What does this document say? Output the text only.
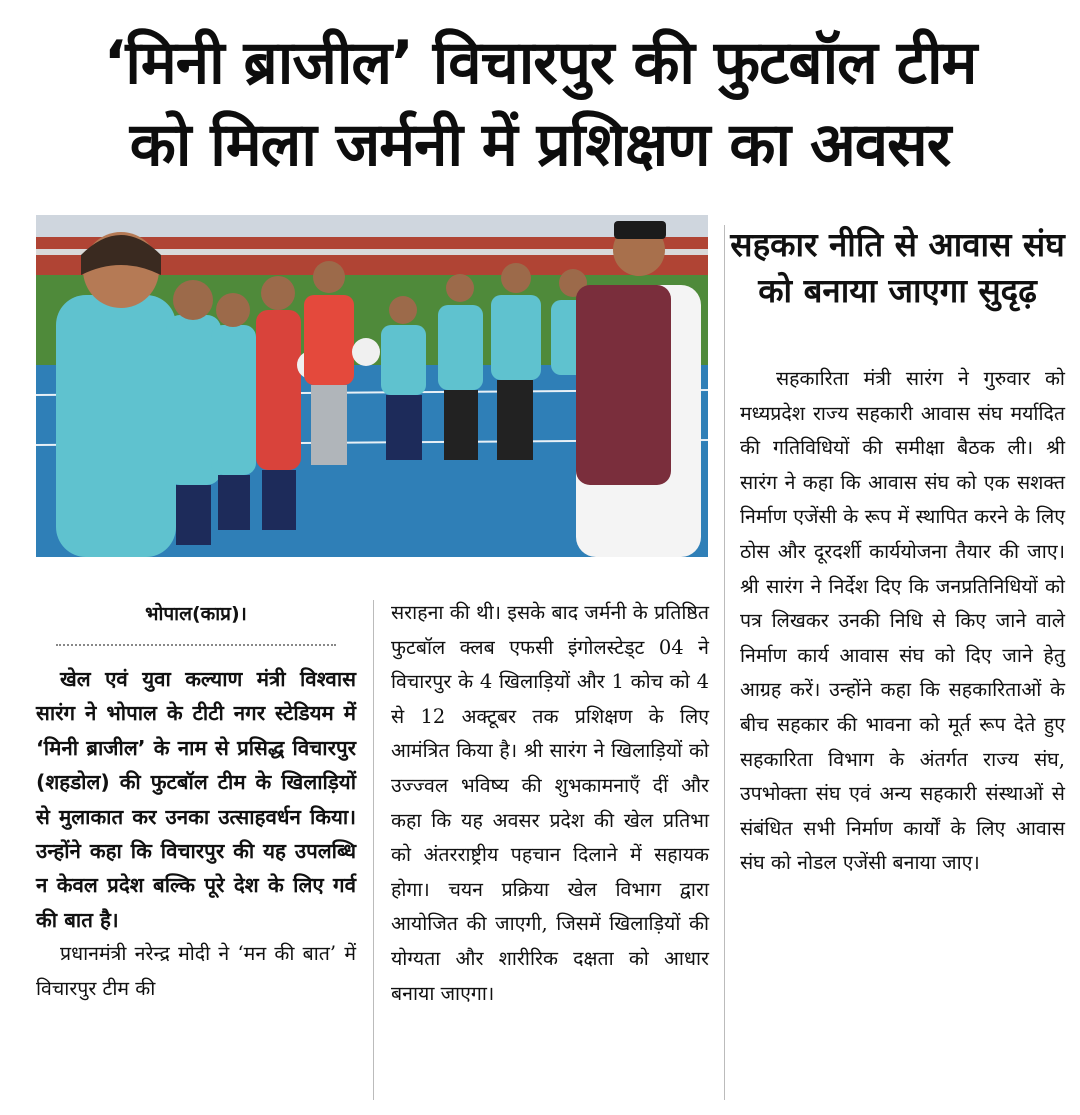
‘मिनी ब्राजील’ विचारपुर की फुटबॉल टीम
को मिला जर्मनी में प्रशिक्षण का अवसर
सहकार नीति से आवास संघ को बनाया जाएगा सुदृढ़

सहकारिता मंत्री सारंग ने गुरुवार को मध्यप्रदेश राज्य सहकारी आवास संघ मर्यादित की गतिविधियों की समीक्षा बैठक ली। श्री सारंग ने कहा कि आवास संघ को एक सशक्त निर्माण एजेंसी के रूप में स्थापित करने के लिए ठोस और दूरदर्शी कार्ययोजना तैयार की जाए। श्री सारंग ने निर्देश दिए कि जनप्रतिनिधियों को पत्र लिखकर उनकी निधि से किए जाने वाले निर्माण कार्य आवास संघ को दिए जाने हेतु आग्रह करें। उन्होंने कहा कि सहकारिताओं के बीच सहकार की भावना को मूर्त रूप देते हुए सहकारिता विभाग के अंतर्गत राज्य संघ, उपभोक्ता संघ एवं अन्य सहकारी संस्थाओं से संबंधित सभी निर्माण कार्यों के लिए आवास संघ को नोडल एजेंसी बनाया जाए।

भोपाल(काप्र)।

खेल एवं युवा कल्याण मंत्री विश्वास सारंग ने भोपाल के टीटी नगर स्टेडियम में ‘मिनी ब्राजील’ के नाम से प्रसिद्ध विचारपुर (शहडोल) की फुटबॉल टीम के खिलाड़ियों से मुलाकात कर उनका उत्साहवर्धन किया। उन्होंने कहा कि विचारपुर की यह उपलब्धि न केवल प्रदेश बल्कि पूरे देश के लिए गर्व की बात है।

प्रधानमंत्री नरेन्द्र मोदी ने ‘मन की बात’ में विचारपुर टीम की

सराहना की थी। इसके बाद जर्मनी के प्रतिष्ठित फुटबॉल क्लब एफसी इंगोलस्टेड्ट 04 ने विचारपुर के 4 खिलाड़ियों और 1 कोच को 4 से 12 अक्टूबर तक प्रशिक्षण के लिए आमंत्रित किया है। श्री सारंग ने खिलाड़ियों को उज्ज्वल भविष्य की शुभकामनाएँ दीं और कहा कि यह अवसर प्रदेश की खेल प्रतिभा को अंतरराष्ट्रीय पहचान दिलाने में सहायक होगा। चयन प्रक्रिया खेल विभाग द्वारा आयोजित की जाएगी, जिसमें खिलाड़ियों की योग्यता और शारीरिक दक्षता को आधार बनाया जाएगा।
